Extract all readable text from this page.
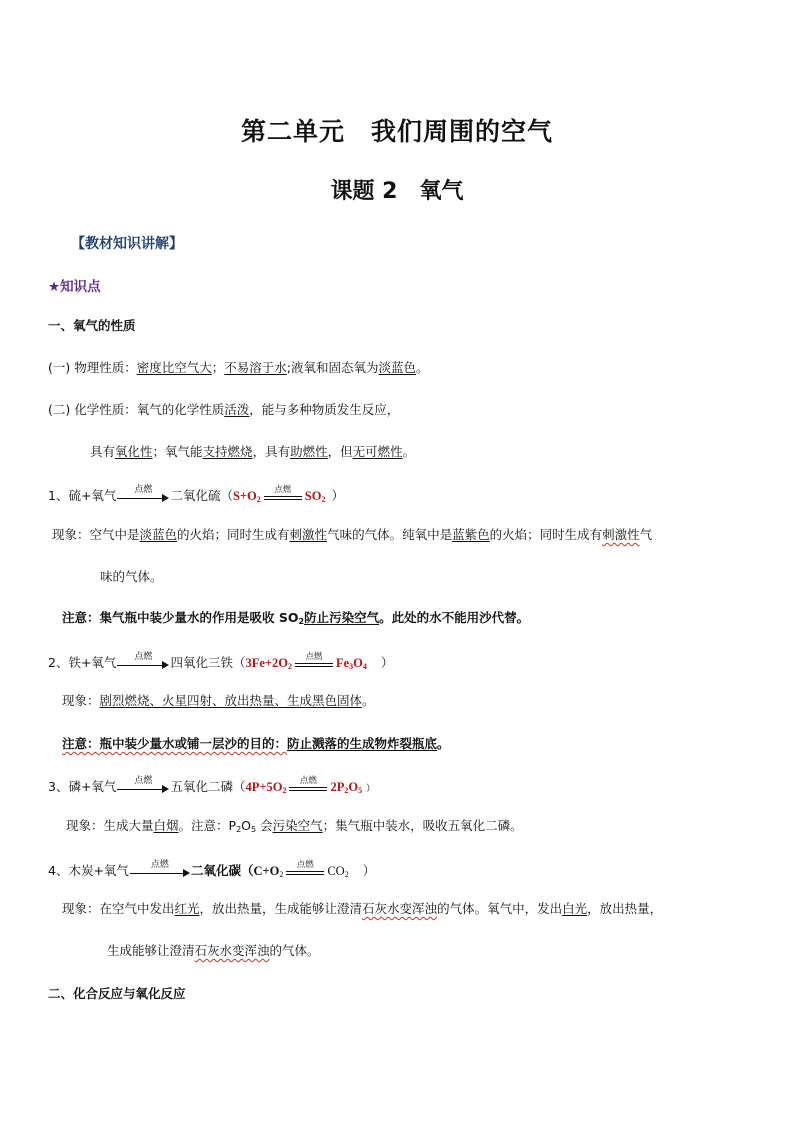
第二单元　我们周围的空气
课题 2　氧气
【教材知识讲解】
★知识点
一、氧气的性质
(一) 物理性质：密度比空气大；不易溶于水;液氧和固态氧为淡蓝色。
(二) 化学性质：氧气的化学性质活泼，能与多种物质发生反应，
具有氧化性；氧气能支持燃烧，具有助燃性，但无可燃性。
1、硫+氧气	点燃	二氧化硫（$S+O_2$
点燃	$SO_2$ ）
现象：空气中是淡蓝色的火焰；同时生成有刺激性气味的气体。纯氧中是蓝紫色的火焰；同时生成有刺激性气
味的气体。
注意：集气瓶中装少量水的作用是吸收 $SO_2$防止污染空气。此处的水不能用沙代替。
2、铁+氧气	点燃	四氧化三铁（$3Fe+2O_2$
点燃	$Fe_3O_4$ ）
现象：剧烈燃烧、火星四射、放出热量、生成黑色固体。
注意：瓶中装少量水或铺一层沙的目的：防止溅落的生成物炸裂瓶底。
3、磷+氧气	点燃	五氧化二磷（$4P+5O_2$
点燃	$2P_2O_5$ ）
现象：生成大量白烟。注意：$P_2O_5$ 会污染空气；集气瓶中装水，吸收五氧化二磷。
4、木炭+氧气	点燃	二氧化碳（$C+O_2$
点燃	$CO_2$ ）
现象：在空气中发出红光，放出热量，生成能够让澄清石灰水变浑浊的气体。氧气中，发出白光，放出热量，
生成能够让澄清石灰水变浑浊的气体。
二、化合反应与氧化反应
